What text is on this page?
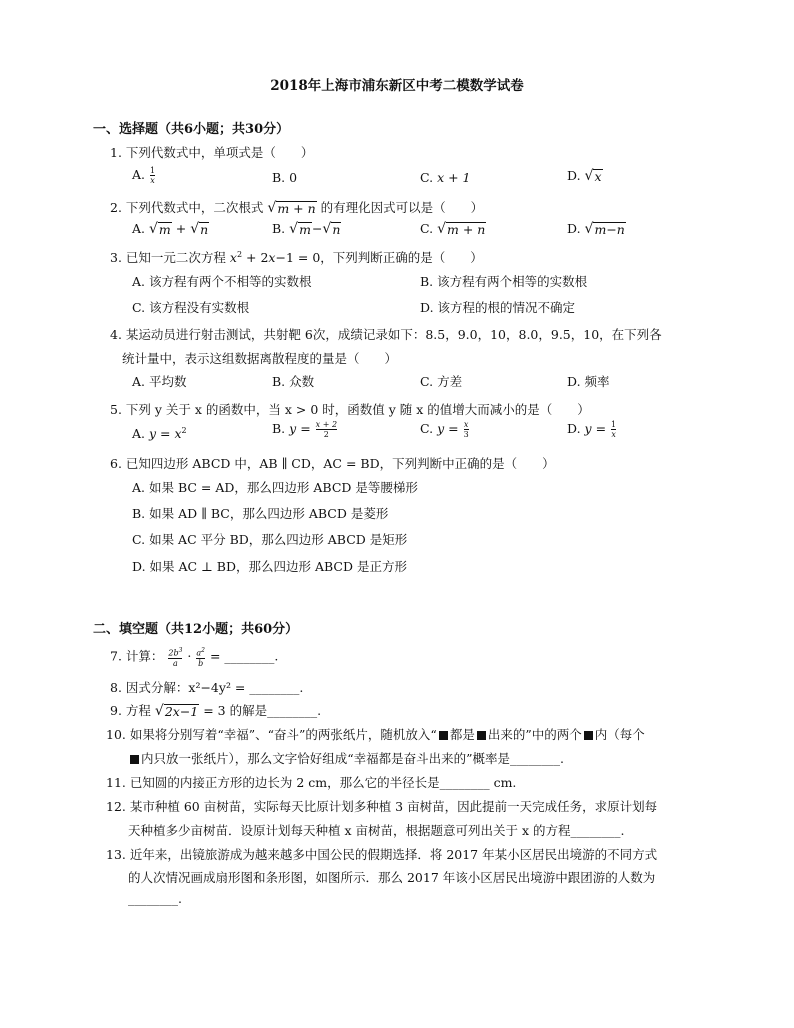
2018年上海市浦东新区中考二模数学试卷
一、选择题（共6小题；共30分）
1. 下列代数式中，单项式是（　　）
A. $\frac{1}{x}$	B. 0	C. x + 1	D. √ x
2. 下列代数式中，二次根式 √ m + n 的有理化因式可以是（　　）
A. √ m + √ n	B. √ m − √ n	C. √ m + n	D. √ m−n
3. 已知一元二次方程 $x^2 + 2x-1 = 0$，下列判断正确的是（　　）
A. 该方程有两个不相等的实数根	B. 该方程有两个相等的实数根
C. 该方程没有实数根	D. 该方程的根的情况不确定
4. 某运动员进行射击测试，共射靶 6次，成绩记录如下：8.5，9.0，10，8.0，9.5，10，在下列各
统计量中，表示这组数据离散程度的量是（　　）
A. 平均数	B. 众数	C. 方差	D. 频率
5. 下列 y 关于 x 的函数中，当 x > 0 时，函数值 y 随 x 的值增大而减小的是（　　）
A. $y = x^2$	B. $y = \frac{x + 2}{2}$	C. $y = \frac{x}{3}$	D. $y = \frac{1}{x}$
6. 已知四边形 ABCD 中，AB ∥ CD，AC = BD，下列判断中正确的是（　　）
A. 如果 BC = AD，那么四边形 ABCD 是等腰梯形
B. 如果 AD ∥ BC，那么四边形 ABCD 是菱形
C. 如果 AC 平分 BD，那么四边形 ABCD 是矩形
D. 如果 AC ⊥ BD，那么四边形 ABCD 是正方形
二、填空题（共12小题；共60分）
7. 计算： $\frac{2b^3}{a} \cdot \frac{a^2}{b}$ = ________.
8. 因式分解：x²−4y² = ________.
9. 方程 √ 2x−1 = 3 的解是________.
10. 如果将分别写着“幸福”、“奋斗”的两张纸片，随机放入“ 都是 出来的”中的两个 内（每个
内只放一张纸片），那么文字恰好组成“幸福都是奋斗出来的”概率是________.
11. 已知圆的内接正方形的边长为 2 cm，那么它的半径长是________ cm.
12. 某市种植 60 亩树苗，实际每天比原计划多种植 3 亩树苗，因此提前一天完成任务，求原计划每
天种植多少亩树苗．设原计划每天种植 x 亩树苗，根据题意可列出关于 x 的方程________.
13. 近年来，出镜旅游成为越来越多中国公民的假期选择．将 2017 年某小区居民出境游的不同方式
的人次情况画成扇形图和条形图，如图所示．那么 2017 年该小区居民出境游中跟团游的人数为
________.
